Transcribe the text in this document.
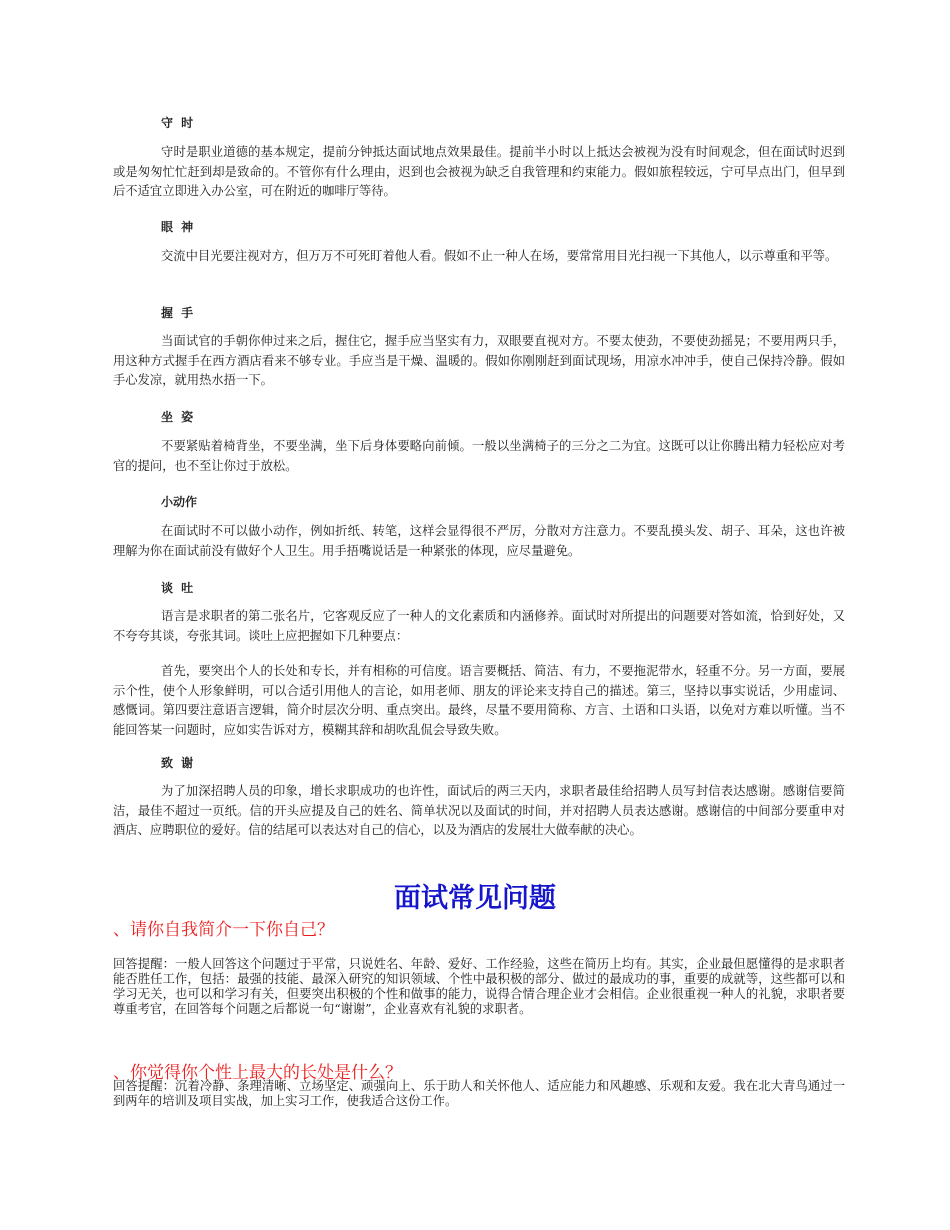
守 时

守时是职业道德的基本规定，提前分钟抵达面试地点效果最佳。提前半小时以上抵达会被视为没有时间观念，但在面试时迟到或是匆匆忙忙赶到却是致命的。不管你有什么理由，迟到也会被视为缺乏自我管理和约束能力。假如旅程较远，宁可早点出门，但早到后不适宜立即进入办公室，可在附近的咖啡厅等待。

眼 神

交流中目光要注视对方，但万万不可死盯着他人看。假如不止一种人在场，要常常用目光扫视一下其他人，以示尊重和平等。

握 手

当面试官的手朝你伸过来之后，握住它，握手应当坚实有力，双眼要直视对方。不要太使劲，不要使劲摇晃；不要用两只手，用这种方式握手在西方酒店看来不够专业。手应当是干燥、温暖的。假如你刚刚赶到面试现场，用凉水冲冲手，使自己保持冷静。假如手心发凉，就用热水捂一下。

坐 姿

不要紧贴着椅背坐，不要坐满，坐下后身体要略向前倾。一般以坐满椅子的三分之二为宜。这既可以让你腾出精力轻松应对考官的提问，也不至让你过于放松。

小动作

在面试时不可以做小动作，例如折纸、转笔，这样会显得很不严厉，分散对方注意力。不要乱摸头发、胡子、耳朵，这也许被理解为你在面试前没有做好个人卫生。用手捂嘴说话是一种紧张的体现，应尽量避免。

谈 吐

语言是求职者的第二张名片，它客观反应了一种人的文化素质和内涵修养。面试时对所提出的问题要对答如流，恰到好处，又不夸夸其谈，夸张其词。谈吐上应把握如下几种要点：

首先，要突出个人的长处和专长，并有相称的可信度。语言要概括、简洁、有力，不要拖泥带水，轻重不分。另一方面，要展示个性，使个人形象鲜明，可以合适引用他人的言论，如用老师、朋友的评论来支持自己的描述。第三，坚持以事实说话，少用虚词、感慨词。第四要注意语言逻辑，简介时层次分明、重点突出。最终，尽量不要用简称、方言、土语和口头语，以免对方难以听懂。当不能回答某一问题时，应如实告诉对方，模糊其辞和胡吹乱侃会导致失败。

致 谢

为了加深招聘人员的印象，增长求职成功的也许性，面试后的两三天内，求职者最佳给招聘人员写封信表达感谢。感谢信要简洁，最佳不超过一页纸。信的开头应提及自己的姓名、简单状况以及面试的时间，并对招聘人员表达感谢。感谢信的中间部分要重申对酒店、应聘职位的爱好。信的结尾可以表达对自己的信心，以及为酒店的发展壮大做奉献的决心。

面试常见问题
、请你自我简介一下你自己？

回答提醒：一般人回答这个问题过于平常，只说姓名、年龄、爱好、工作经验，这些在简历上均有。其实，企业最但愿懂得的是求职者能否胜任工作，包括：最强的技能、最深入研究的知识领域、个性中最积极的部分、做过的最成功的事，重要的成就等，这些都可以和学习无关，也可以和学习有关，但要突出积极的个性和做事的能力，说得合情合理企业才会相信。企业很重视一种人的礼貌，求职者要尊重考官，在回答每个问题之后都说一句“谢谢”，企业喜欢有礼貌的求职者。

、你觉得你个性上最大的长处是什么？

回答提醒：沉着冷静、条理清晰、立场坚定、顽强向上、乐于助人和关怀他人、适应能力和风趣感、乐观和友爱。我在北大青鸟通过一到两年的培训及项目实战，加上实习工作，使我适合这份工作。
